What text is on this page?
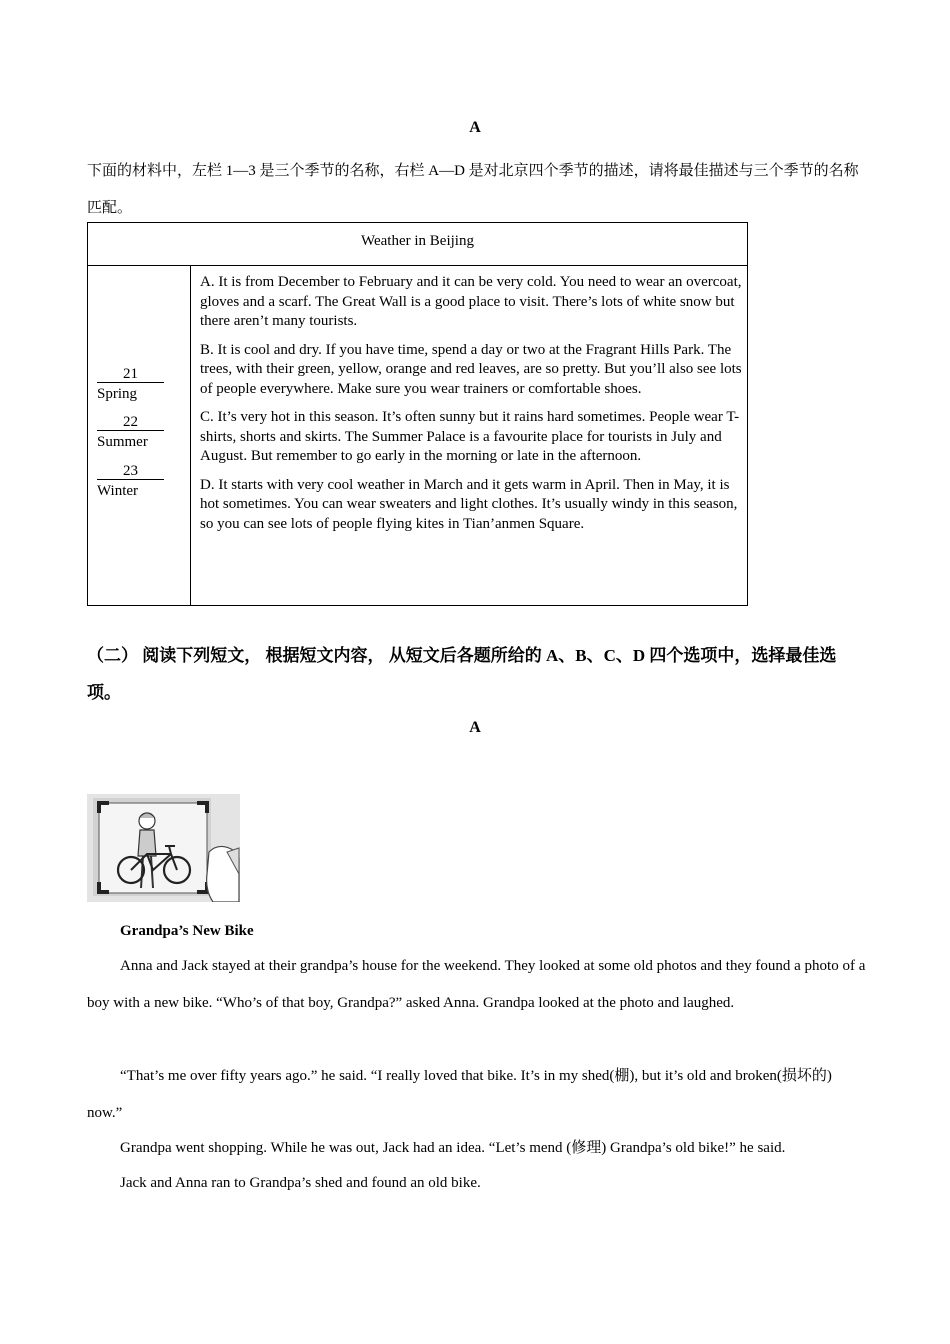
A
下面的材料中，左栏 1—3 是三个季节的名称，右栏 A—D 是对北京四个季节的描述，请将最佳描述与三个季节的名称匹配。
Weather in Beijing
21
Spring
22
Summer
23
Winter

A. It is from December to February and it can be very cold. You need to wear an overcoat, gloves and a scarf. The Great Wall is a good place to visit. There’s lots of white snow but there aren’t many tourists.

B. It is cool and dry. If you have time, spend a day or two at the Fragrant Hills Park. The trees, with their green, yellow, orange and red leaves, are so pretty. But you’ll also see lots of people everywhere. Make sure you wear trainers or comfortable shoes.

C. It’s very hot in this season. It’s often sunny but it rains hard sometimes. People wear T-shirts, shorts and skirts. The Summer Palace is a favourite place for tourists in July and August. But remember to go early in the morning or late in the afternoon.

D. It starts with very cool weather in March and it gets warm in April. Then in May, it is hot sometimes. You can wear sweaters and light clothes. It’s usually windy in this season, so you can see lots of people flying kites in Tian’anmen Square.

（二） 阅读下列短文， 根据短文内容， 从短文后各题所给的 A、B、C、D 四个选项中，选择最佳选项。
A
Grandpa’s New Bike
Anna and Jack stayed at their grandpa’s house for the weekend. They looked at some old photos and they found a photo of a boy with a new bike. “Who’s of that boy, Grandpa?” asked Anna. Grandpa looked at the photo and laughed.
“That’s me over fifty years ago.” he said. “I really loved that bike. It’s in my shed(棚), but it’s old and broken(损坏的) now.”
Grandpa went shopping. While he was out, Jack had an idea. “Let’s mend (修理) Grandpa’s old bike!” he said.
Jack and Anna ran to Grandpa’s shed and found an old bike.
